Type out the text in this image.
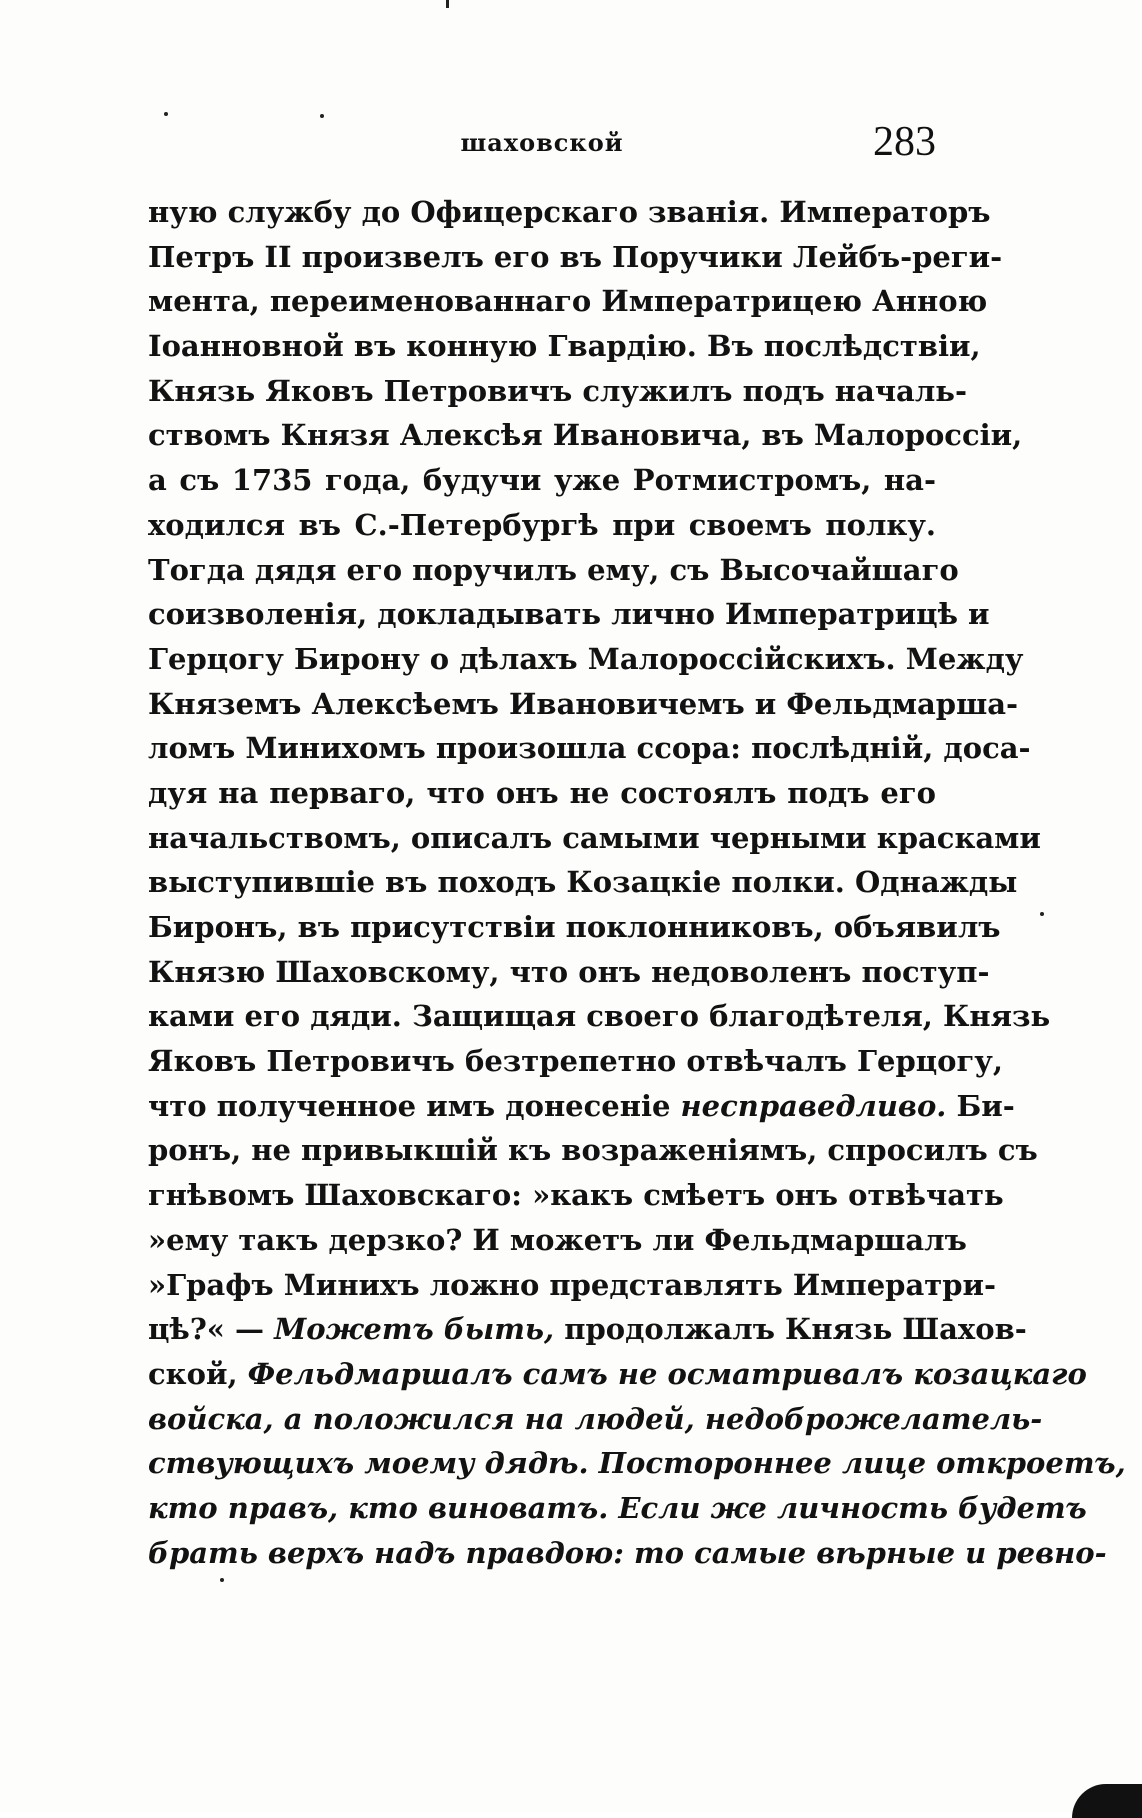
шаховской	283
ную службу до Офицерскаго званія. Императоръ
Петръ II произвелъ его въ Поручики Лейбъ-реги-
мента, переименованнаго Императрицею Анною
Іоанновной въ конную Гвардію. Въ послѣдствіи,
Князь Яковъ Петровичъ служилъ подъ началь-
ствомъ Князя Алексѣя Ивановича, въ Малороссіи,
а съ 1735 года, будучи уже Ротмистромъ, на-
ходился въ С.-Петербургѣ при своемъ полку.
Тогда дядя его поручилъ ему, съ Высочайшаго
соизволенія, докладывать лично Императрицѣ и
Герцогу Бирону о дѣлахъ Малороссійскихъ. Между
Княземъ Алексѣемъ Ивановичемъ и Фельдмарша-
ломъ Минихомъ произошла ссора: послѣдній, доса-
дуя на перваго, что онъ не состоялъ подъ его
начальствомъ, описалъ самыми черными красками
выступившіе въ походъ Козацкіе полки. Однажды
Биронъ, въ присутствіи поклонниковъ, объявилъ
Князю Шаховскому, что онъ недоволенъ поступ-
ками его дяди. Защищая своего благодѣтеля, Князь
Яковъ Петровичъ безтрепетно отвѣчалъ Герцогу,
что полученное имъ донесеніе несправедливо. Би-
ронъ, не привыкшій къ возраженіямъ, спросилъ съ
гнѣвомъ Шаховскаго: »какъ смѣетъ онъ отвѣчать
»ему такъ дерзко? И можетъ ли Фельдмаршалъ
»Графъ Минихъ ложно представлять Императри-
цѣ?« — Можетъ быть, продолжалъ Князь Шахов-
ской, Фельдмаршалъ самъ не осматривалъ козацкаго
войска, а положился на людей, недоброжелатель-
ствующихъ моему дядѣ. Постороннее лице откроетъ,
кто правъ, кто виноватъ. Если же личность будетъ
брать верхъ надъ правдою: то самые вѣрные и ревно-
